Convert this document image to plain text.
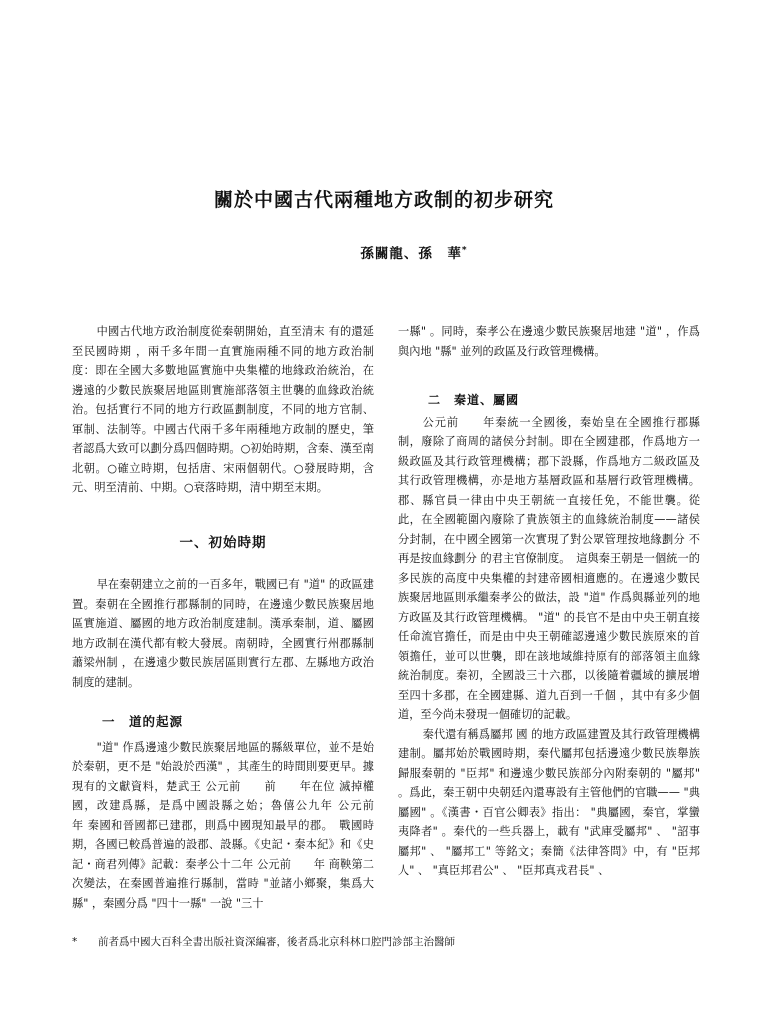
關於中國古代兩種地方政制的初步研究
孫關龍、孫　華*

中國古代地方政治制度從秦朝開始，直至清末 有的還延至民國時期 ，兩千多年間一直實施兩種不同的地方政治制度：即在全國大多數地區實施中央集權的地緣政治統治，在邊遠的少數民族聚居地區則實施部落領主世襲的血緣政治統治。包括實行不同的地方行政區劃制度，不同的地方官制、軍制、法制等。中國古代兩千多年兩種地方政制的歷史，筆者認爲大致可以劃分爲四個時期。○初始時期，含秦、漢至南北朝。○確立時期，包括唐、宋兩個朝代。○發展時期，含元、明至清前、中期。○衰落時期，清中期至末期。

一、初始時期

早在秦朝建立之前的一百多年，戰國已有 "道" 的政區建置。秦朝在全國推行郡縣制的同時，在邊遠少數民族聚居地區實施道、屬國的地方政治制度建制。漢承秦制，道、屬國地方政制在漢代都有較大發展。南朝時，全國實行州郡縣制 蕭梁州制 ，在邊遠少數民族居區則實行左郡、左縣地方政治制度的建制。

一　道的起源

"道" 作爲邊遠少數民族聚居地區的縣級單位，並不是始於秦朝，更不是 "始設於西漢" ，其產生的時間則要更早。據現有的文獻資料，楚武王 公元前　　前　　年在位 滅掉權國，改建爲縣，是爲中國設縣之始；魯僖公九年 公元前　　年 秦國和晉國都已建郡，則爲中國現知最早的郡。　戰國時期，各國已較爲普遍的設郡、設縣。《史記・秦本紀》和《史記・商君列傳》記載：秦孝公十二年 公元前　　年 商鞅第二次變法，在秦國普遍推行縣制，當時 "並諸小鄉聚，集爲大縣" ，秦國分爲 "四十一縣" 一說 "三十

一縣" 。同時，秦孝公在邊遠少數民族聚居地建 "道" ，作爲與內地 "縣" 並列的政區及行政管理機構。

二　秦道、屬國

公元前　　年秦統一全國後，秦始皇在全國推行郡縣制，廢除了商周的諸侯分封制。即在全國建郡，作爲地方一級政區及其行政管理機構；郡下設縣，作爲地方二級政區及其行政管理機構，亦是地方基層政區和基層行政管理機構。郡、縣官員一律由中央王朝統一直接任免，不能世襲。從此，在全國範圍內廢除了貴族領主的血緣統治制度——諸侯分封制，在中國全國第一次實現了對公眾管理按地緣劃分 不再是按血緣劃分 的君主官僚制度。　這與秦王朝是一個統一的多民族的高度中央集權的封建帝國相適應的。在邊遠少數民族聚居地區則承繼秦孝公的做法，設 "道" 作爲與縣並列的地方政區及其行政管理機構。 "道" 的長官不是由中央王朝直接任命流官擔任，而是由中央王朝確認邊遠少數民族原來的首領擔任，並可以世襲，即在該地域維持原有的部落領主血緣統治制度。秦初，全國設三十六郡，以後隨着疆域的擴展增至四十多郡，在全國建縣、道九百到一千個 ，其中有多少個道，至今尚未發現一個確切的記載。

秦代還有稱爲屬邦 國 的地方政區建置及其行政管理機構建制。屬邦始於戰國時期，秦代屬邦包括邊遠少數民族舉族歸服秦朝的 "臣邦" 和邊遠少數民族部分內附秦朝的 "屬邦" 。爲此，秦王朝中央朝廷內還專設有主管他們的官職—— "典屬國" 。《漢書・百官公卿表》指出： "典屬國，秦官，掌蠻夷降者" 。秦代的一些兵器上，載有 "武庫受屬邦" 、 "詔事屬邦" 、 "屬邦工" 等銘文；秦簡《法律答問》中，有 "臣邦人" 、 "真臣邦君公" 、 "臣邦真戎君長" 、

* 前者爲中國大百科全書出版社資深編審，後者爲北京科林口腔門診部主治醫師
